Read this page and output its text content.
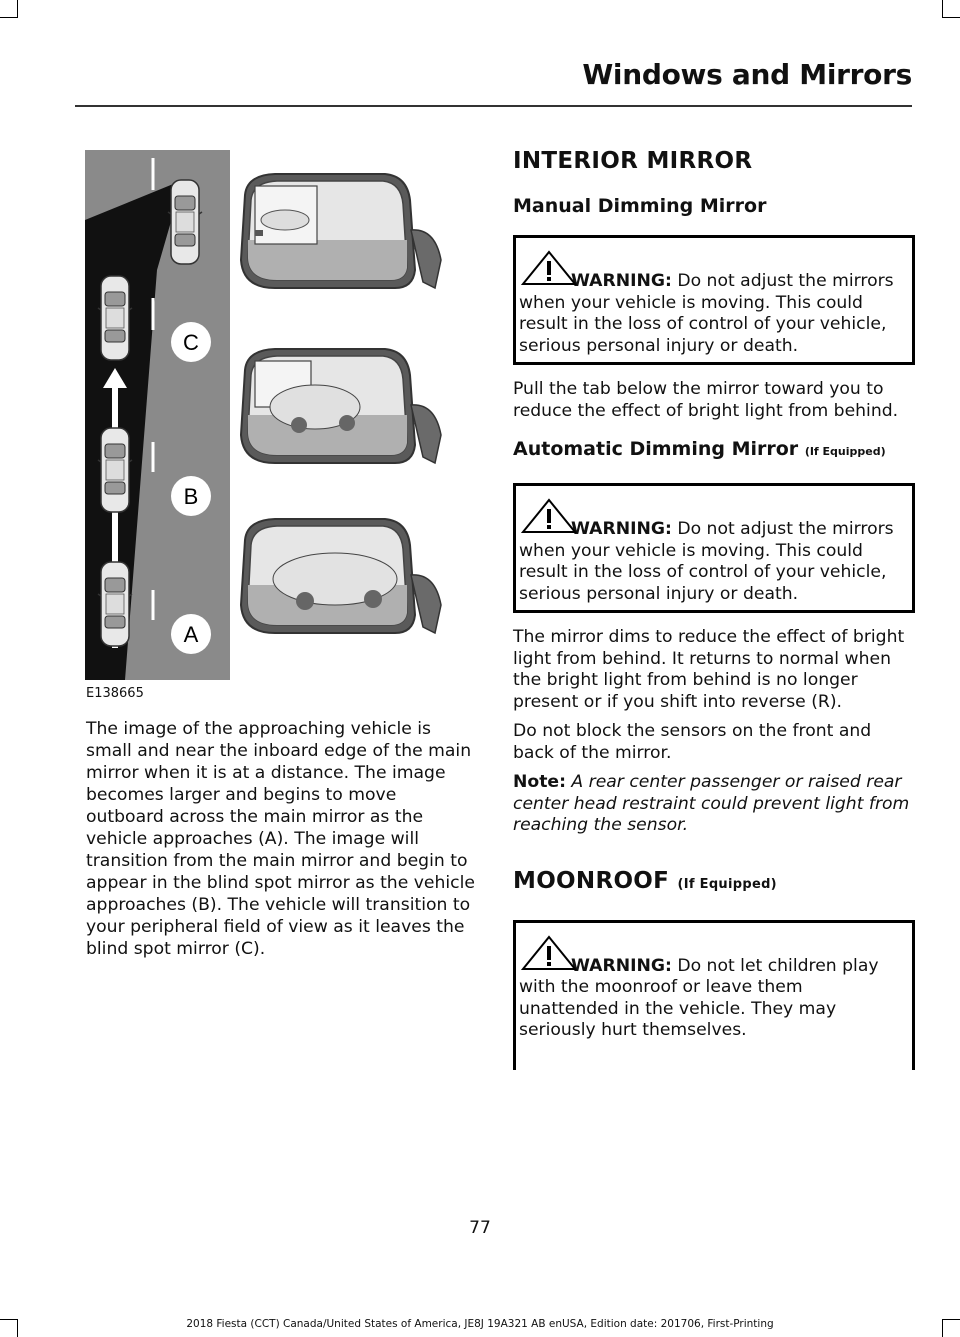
Windows and Mirrors
C
B
A
E138665

The image of the approaching vehicle is small and near the inboard edge of the main mirror when it is at a distance. The image becomes larger and begins to move outboard across the main mirror as the vehicle approaches (A). The image will transition from the main mirror and begin to appear in the blind spot mirror as the vehicle approaches (B). The vehicle will transition to your peripheral field of view as it leaves the blind spot mirror (C).

INTERIOR MIRROR
Manual Dimming Mirror
WARNING: Do not adjust the mirrors when your vehicle is moving. This could result in the loss of control of your vehicle, serious personal injury or death.

Pull the tab below the mirror toward you to reduce the effect of bright light from behind.

Automatic Dimming Mirror (If Equipped)
WARNING: Do not adjust the mirrors when your vehicle is moving. This could result in the loss of control of your vehicle, serious personal injury or death.

The mirror dims to reduce the effect of bright light from behind. It returns to normal when the bright light from behind is no longer present or if you shift into reverse (R).

Do not block the sensors on the front and back of the mirror.

Note: A rear center passenger or raised rear center head restraint could prevent light from reaching the sensor.

MOONROOF (If Equipped)
WARNING: Do not let children play with the moonroof or leave them unattended in the vehicle. They may seriously hurt themselves.
77
2018 Fiesta (CCT) Canada/United States of America, JE8J 19A321 AB enUSA, Edition date: 201706, First-Printing
